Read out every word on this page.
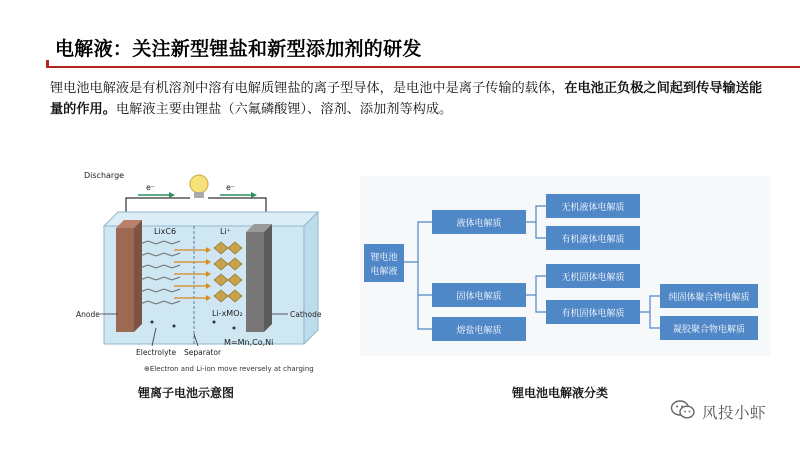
电解液：关注新型锂盐和新型添加剂的研发
锂电池电解液是有机溶剂中溶有电解质锂盐的离子型导体，是电池中是离子传输的载体，在电池正负极之间起到传导输送能量的作用。电解液主要由锂盐（六氟磷酸锂）、溶剂、添加剂等构成。
Discharge
e⁻	e⁻
LixC6	Li⁺
Li-xMO₂
Anode	Cathode
Electrolyte Separator
M=Mn,Co,Ni
⊕Electron and Li-ion move reversely at charging
锂电池
电解液
液体电解质
固体电解质
熔盐电解质
无机液体电解质
有机液体电解质
无机固体电解质
有机固体电解质
纯固体聚合物电解质
凝胶聚合物电解质
锂离子电池示意图	锂电池电解液分类
风投小虾
